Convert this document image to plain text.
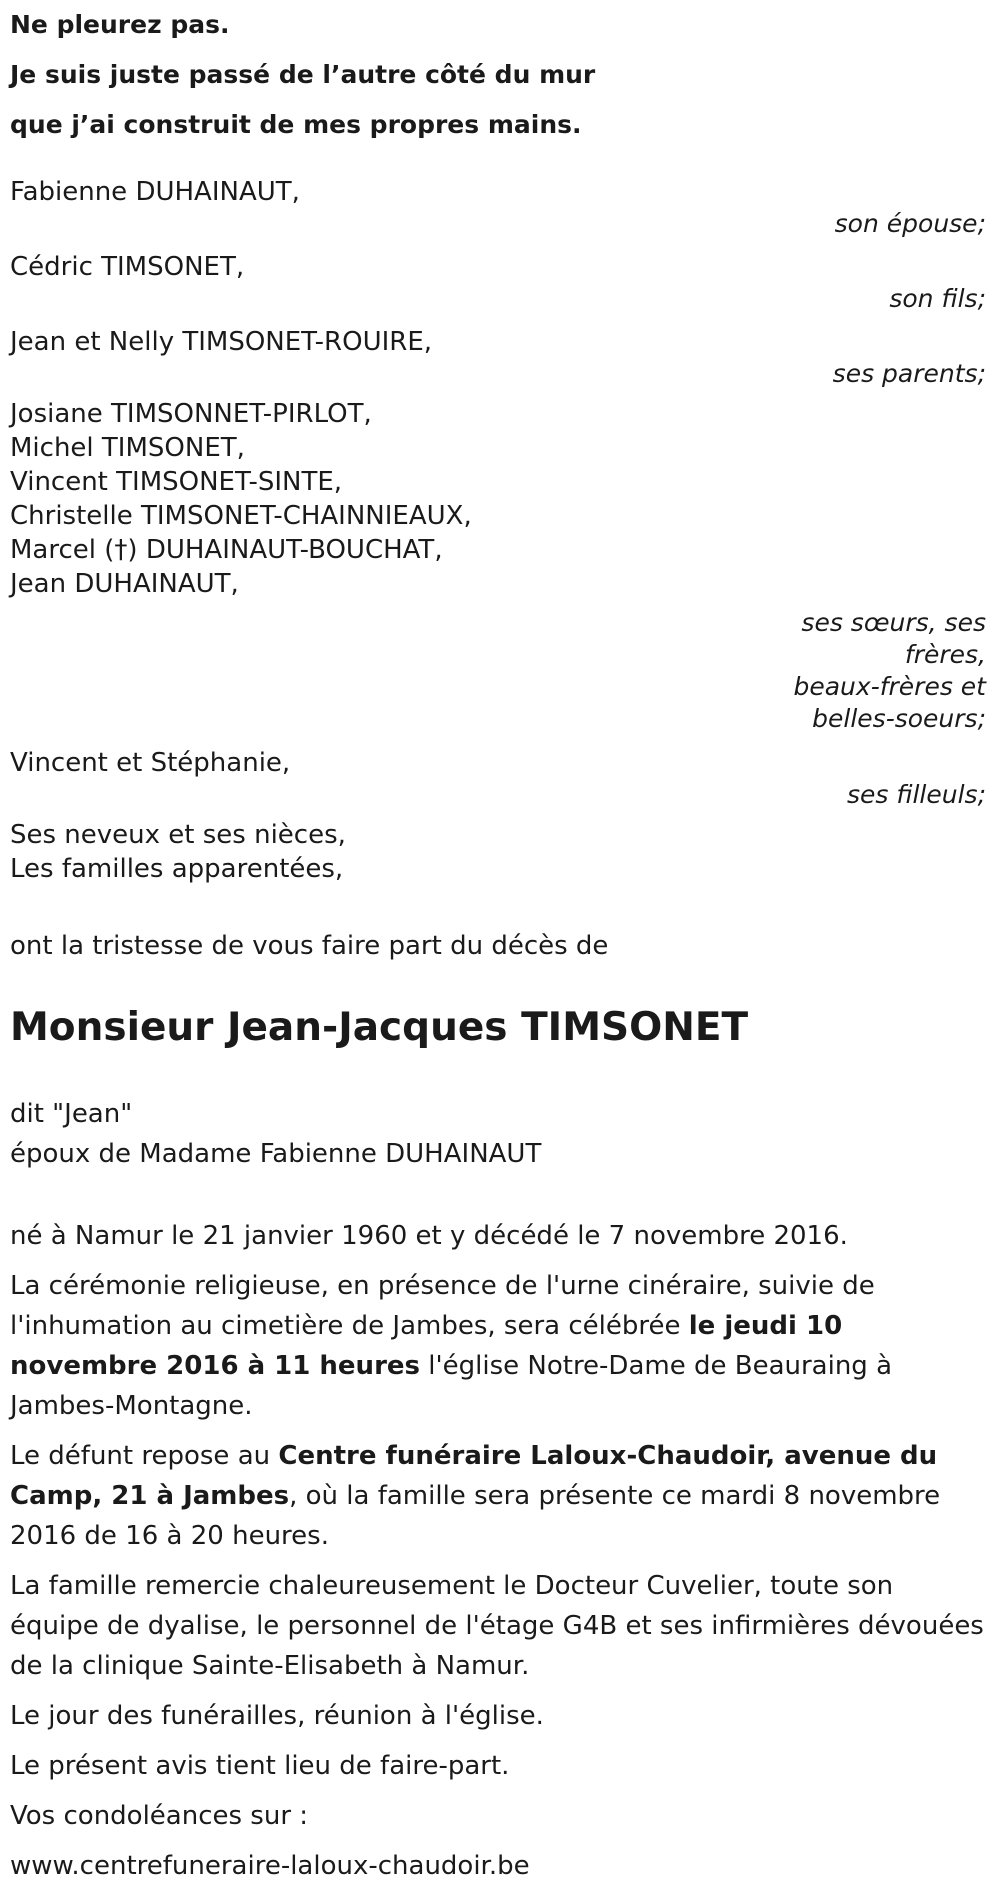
Ne pleurez pas.
Je suis juste passé de l’autre côté du mur
que j’ai construit de mes propres mains.
Fabienne DUHAINAUT,
son épouse;
Cédric TIMSONET,
son fils;
Jean et Nelly TIMSONET-ROUIRE,
ses parents;
Josiane TIMSONNET-PIRLOT,
Michel TIMSONET,
Vincent TIMSONET-SINTE,
Christelle TIMSONET-CHAINNIEAUX,
Marcel (†) DUHAINAUT-BOUCHAT,
Jean DUHAINAUT,
ses sœurs, ses frères,
beaux-frères et
belles-soeurs;
Vincent et Stéphanie,
ses filleuls;
Ses neveux et ses nièces,
Les familles apparentées,
ont la tristesse de vous faire part du décès de
Monsieur Jean-Jacques TIMSONET
dit "Jean"
époux de Madame Fabienne DUHAINAUT
né à Namur le 21 janvier 1960 et y décédé le 7 novembre 2016.
La cérémonie religieuse, en présence de l'urne cinéraire, suivie de l'inhumation au cimetière de Jambes, sera célébrée le jeudi 10 novembre 2016 à 11 heures l'église Notre-Dame de Beauraing à Jambes-Montagne.
Le défunt repose au Centre funéraire Laloux-Chaudoir, avenue du Camp, 21 à Jambes, où la famille sera présente ce mardi 8 novembre 2016 de 16 à 20 heures.
La famille remercie chaleureusement le Docteur Cuvelier, toute son équipe de dyalise, le personnel de l'étage G4B et ses infirmières dévouées de la clinique Sainte-Elisabeth à Namur.
Le jour des funérailles, réunion à l'église.
Le présent avis tient lieu de faire-part.
Vos condoléances sur :
www.centrefuneraire-laloux-chaudoir.be
